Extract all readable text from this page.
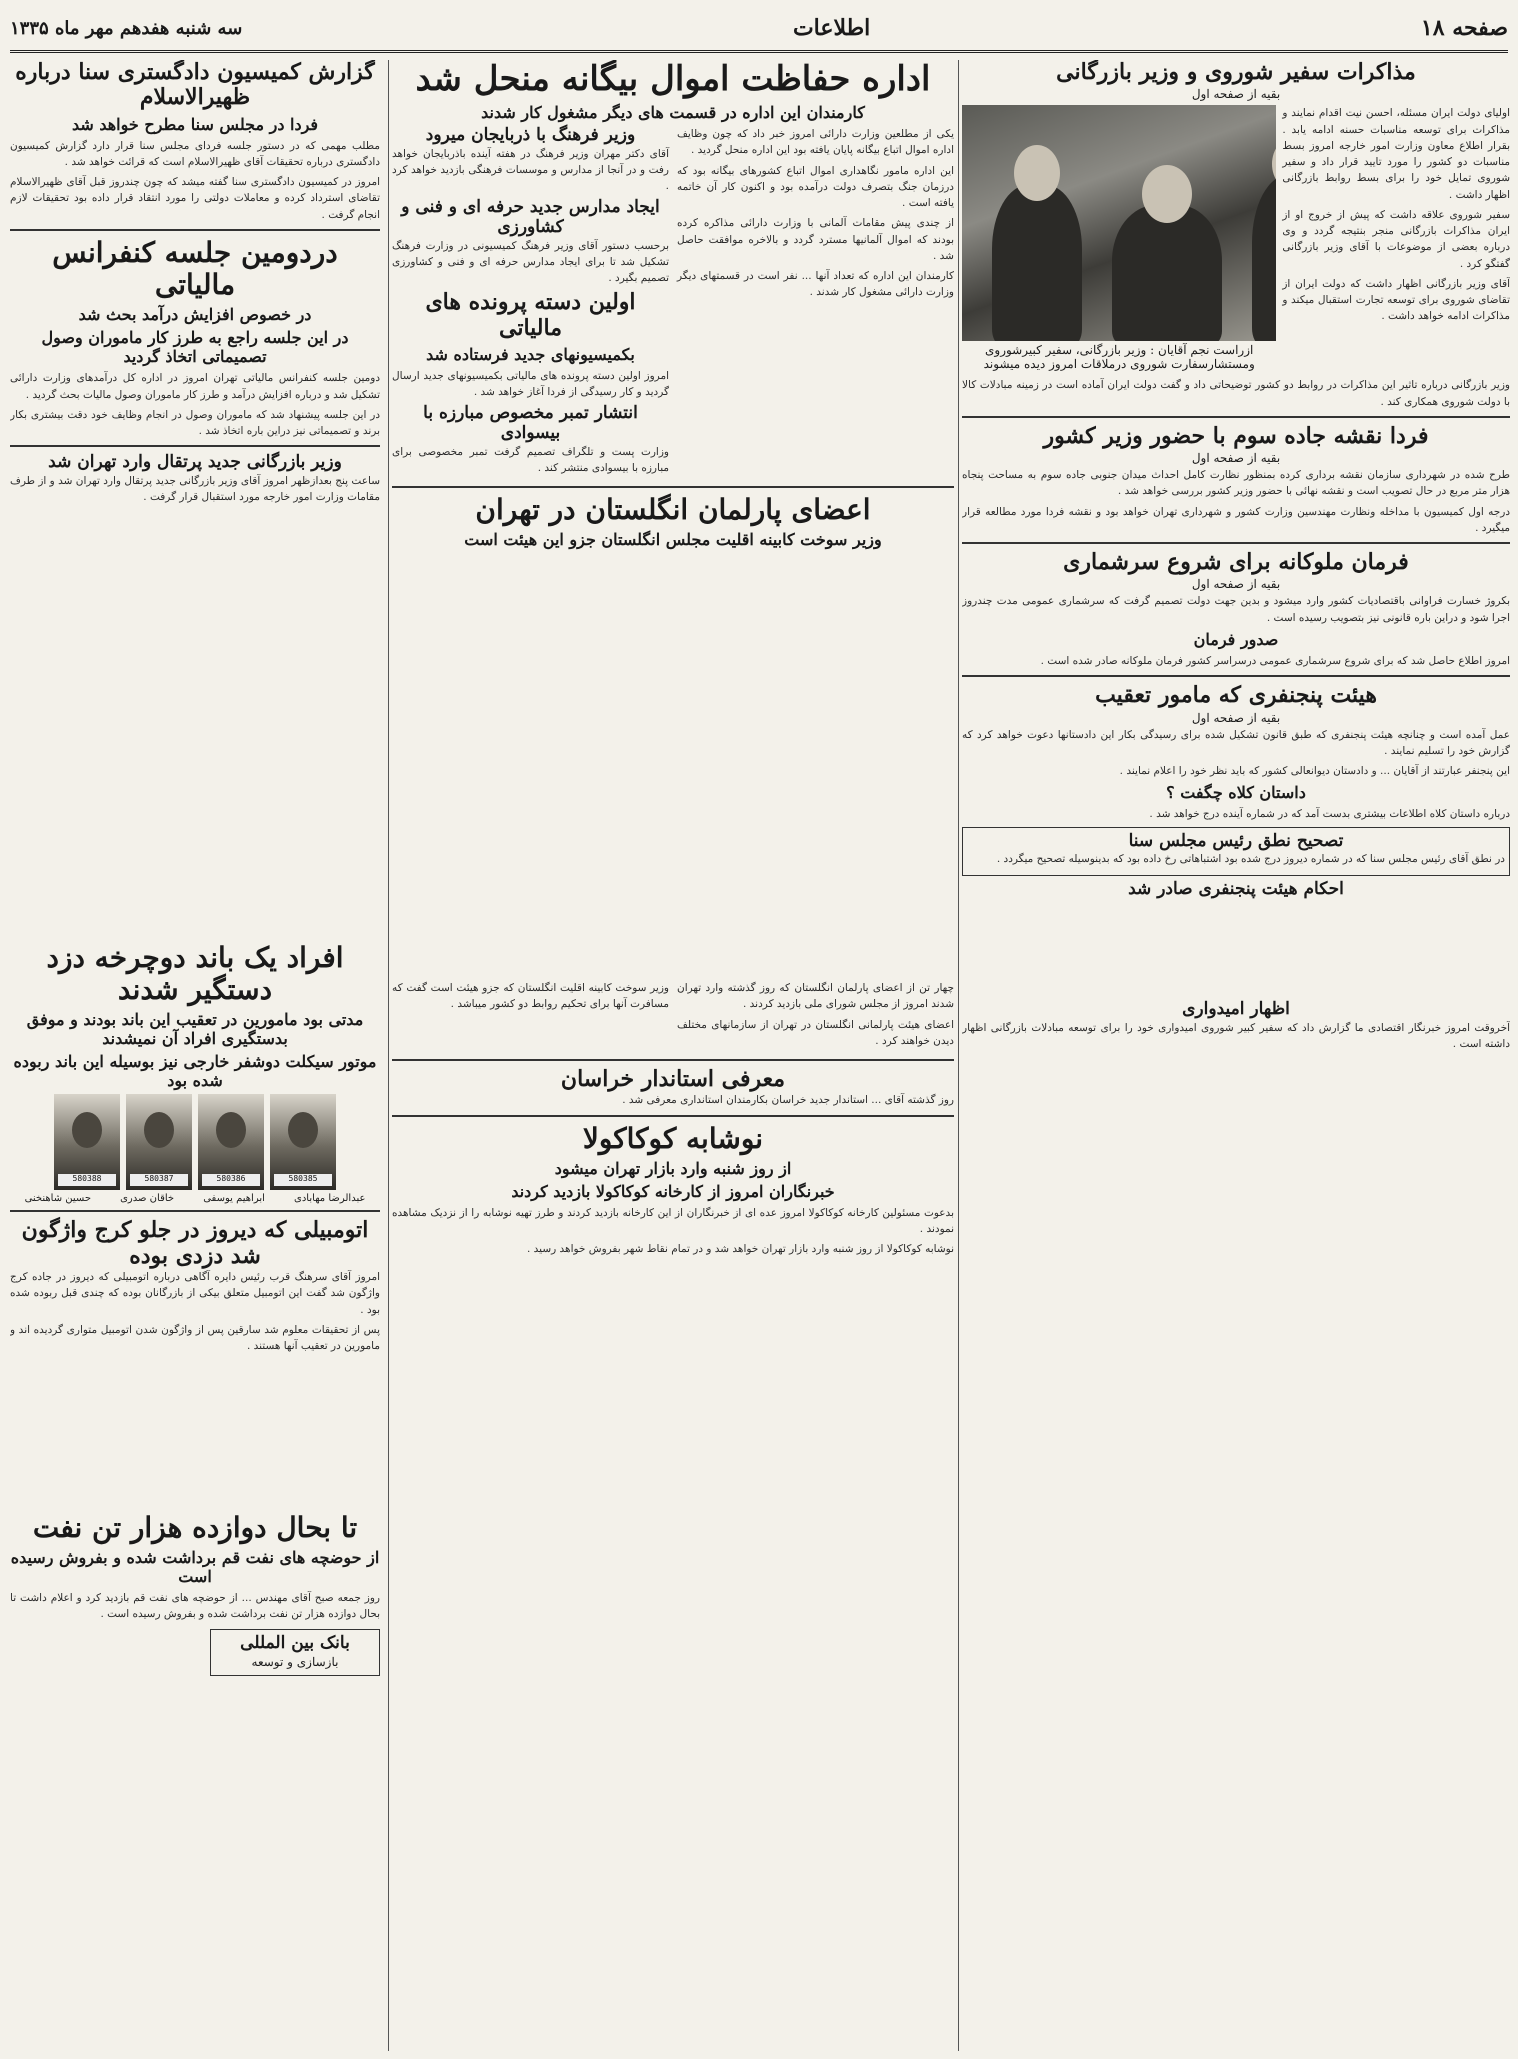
صفحه ۱۸
اطلاعات
سه شنبه هفدهم مهر ماه ۱۳۳۵
مذاکرات سفیر شوروی و وزیر بازرگانی
بقیه از صفحه اول

اولیای دولت ایران مسئله، احسن نیت اقدام نمایند و مذاکرات برای توسعه مناسبات حسنه ادامه یابد . بقرار اطلاع معاون وزارت امور خارجه امروز بسط مناسبات دو کشور را مورد تایید قرار داد و سفیر شوروی تمایل خود را برای بسط روابط بازرگانی اظهار داشت .

سفیر شوروی علاقه داشت که پیش از خروج او از ایران مذاکرات بازرگانی منجر بنتیجه گردد و وی درباره بعضی از موضوعات با آقای وزیر بازرگانی گفتگو کرد .

آقای وزیر بازرگانی اظهار داشت که دولت ایران از تقاضای شوروی برای توسعه تجارت استقبال میکند و مذاکرات ادامه خواهد داشت .

ازراست نجم آقایان : وزیر بازرگانی، سفیر کبیرشوروی ومستشارسفارت شوروی درملاقات امروز دیده میشوند

وزیر بازرگانی درباره تاثیر این مذاکرات در روابط دو کشور توضیحاتی داد و گفت دولت ایران آماده است در زمینه مبادلات کالا با دولت شوروی همکاری کند .

فردا نقشه جاده سوم با حضور وزیر کشور
بقیه از صفحه اول

طرح شده در شهرداری سازمان نقشه برداری کرده بمنظور نظارت کامل احداث میدان جنوبی جاده سوم به مساحت پنجاه هزار متر مربع در حال تصویب است و نقشه نهائی با حضور وزیر کشور بررسی خواهد شد .

درجه اول کمیسیون با مداخله ونظارت مهندسین وزارت کشور و شهرداری تهران خواهد بود و نقشه فردا مورد مطالعه قرار میگیرد .

فرمان ملوکانه برای شروع سرشماری
بقیه از صفحه اول

بکروژ خسارت فراوانی باقتصادیات کشور وارد میشود و بدین جهت دولت تصمیم گرفت که سرشماری عمومی مدت چندروز اجرا شود و دراین باره قانونی نیز بتصویب رسیده است .

صدور فرمان

امروز اطلاع حاصل شد که برای شروع سرشماری عمومی درسراسر کشور فرمان ملوکانه صادر شده است .

هیئت پنجنفری که مامور تعقیب
بقیه از صفحه اول

عمل آمده است و چنانچه هیئت پنجنفری که طبق قانون تشکیل شده برای رسیدگی بکار این دادستانها دعوت خواهد کرد که گزارش خود را تسلیم نمایند .

این پنجنفر عبارتند از آقایان ... و دادستان دیوانعالی کشور که باید نظر خود را اعلام نمایند .

داستان کلاه چگفت ؟

درباره داستان کلاه اطلاعات بیشتری بدست آمد که در شماره آینده درج خواهد شد .

تصحیح نطق رئیس مجلس سنا

در نطق آقای رئیس مجلس سنا که در شماره دیروز درج شده بود اشتباهاتی رخ داده بود که بدینوسیله تصحیح میگردد .

احکام هیئت پنجنفری صادر شد
اداره حفاظت اموال بیگانه منحل شد
کارمندان این اداره در قسمت های دیگر مشغول کار شدند

یکی از مطلعین وزارت دارائی امروز خبر داد که چون وظایف اداره اموال اتباع بیگانه پایان یافته بود این اداره منحل گردید .

این اداره مامور نگاهداری اموال اتباع کشورهای بیگانه بود که درزمان جنگ بتصرف دولت درآمده بود و اکنون کار آن خاتمه یافته است .

از چندی پیش مقامات آلمانی با وزارت دارائی مذاکره کرده بودند که اموال آلمانیها مسترد گردد و بالاخره موافقت حاصل شد .

کارمندان این اداره که تعداد آنها ... نفر است در قسمتهای دیگر وزارت دارائی مشغول کار شدند .

وزیر فرهنگ با ذربایجان میرود

آقای دکتر مهران وزیر فرهنگ در هفته آینده باذربایجان خواهد رفت و در آنجا از مدارس و موسسات فرهنگی بازدید خواهد کرد .

ایجاد مدارس جدید حرفه ای و فنی و کشاورزی

برحسب دستور آقای وزیر فرهنگ کمیسیونی در وزارت فرهنگ تشکیل شد تا برای ایجاد مدارس حرفه ای و فنی و کشاورزی تصمیم بگیرد .

اولین دسته پرونده های مالیاتی
بکمیسیونهای جدید فرستاده شد

امروز اولین دسته پرونده های مالیاتی بکمیسیونهای جدید ارسال گردید و کار رسیدگی از فردا آغاز خواهد شد .

انتشار تمبر مخصوص مبارزه با بیسوادی

وزارت پست و تلگراف تصمیم گرفت تمبر مخصوصی برای مبارزه با بیسوادی منتشر کند .

اعضای پارلمان انگلستان در تهران
وزیر سوخت کابینه اقلیت مجلس انگلستان جزو این هیئت است
افراد یک باند دوچرخه دزد دستگیر شدند
مدتی بود مامورین در تعقیب این باند بودند و موفق بدستگیری افراد آن نمیشدند
موتور سیکلت دوشفر خارجی نیز بوسیله این باند ربوده شده بود
580385
580386
580387
580388
عبدالرضا مهابادی
ابراهیم یوسفی
خاقان صدری
حسین شاهنخنی
اتومبیلی که دیروز در جلو کرج واژگون شد دزدی بوده

امروز آقای سرهنگ قرب رئیس دایره آگاهی درباره اتومبیلی که دیروز در جاده کرج واژگون شد گفت این اتومبیل متعلق بیکی از بازرگانان بوده که چندی قبل ربوده شده بود .

پس از تحقیقات معلوم شد سارقین پس از واژگون شدن اتومبیل متواری گردیده اند و مامورین در تعقیب آنها هستند .

تا بحال دوازده هزار تن نفت
از حوضچه های نفت قم برداشت شده و بفروش رسیده است

روز جمعه صبح آقای مهندس ... از حوضچه های نفت قم بازدید کرد و اعلام داشت تا بحال دوازده هزار تن نفت برداشت شده و بفروش رسیده است .

بانک بین المللی
بازسازی و توسعه
گزارش کمیسیون دادگستری سنا درباره ظهیرالاسلام
فردا در مجلس سنا مطرح خواهد شد

مطلب مهمی که در دستور جلسه فردای مجلس سنا قرار دارد گزارش کمیسیون دادگستری درباره تحقیقات آقای ظهیرالاسلام است که قرائت خواهد شد .

امروز در کمیسیون دادگستری سنا گفته میشد که چون چندروز قبل آقای ظهیرالاسلام تقاضای استرداد کرده و معاملات دولتی را مورد انتقاد قرار داده بود تحقیقات لازم انجام گرفت .

دردومین جلسه کنفرانس مالیاتی
در خصوص افزایش درآمد بحث شد
در این جلسه راجع به طرز کار ماموران وصول تصمیماتی اتخاذ گردید

دومین جلسه کنفرانس مالیاتی تهران امروز در اداره کل درآمدهای وزارت دارائی تشکیل شد و درباره افزایش درآمد و طرز کار ماموران وصول مالیات بحث گردید .

در این جلسه پیشنهاد شد که ماموران وصول در انجام وظایف خود دقت بیشتری بکار برند و تصمیماتی نیز دراین باره اتخاذ شد .

وزیر بازرگانی جدید پرتقال وارد تهران شد

ساعت پنج بعدازظهر امروز آقای وزیر بازرگانی جدید پرتقال وارد تهران شد و از طرف مقامات وزارت امور خارجه مورد استقبال قرار گرفت .

چهار تن از اعضای پارلمان انگلستان که روز گذشته وارد تهران شدند امروز از مجلس شورای ملی بازدید کردند .

اعضای هیئت پارلمانی انگلستان در تهران از سازمانهای مختلف دیدن خواهند کرد .

وزیر سوخت کابینه اقلیت انگلستان که جزو هیئت است گفت که مسافرت آنها برای تحکیم روابط دو کشور میباشد .

معرفی استاندار خراسان

روز گذشته آقای ... استاندار جدید خراسان بکارمندان استانداری معرفی شد .

نوشابه کوکاکولا
از روز شنبه وارد بازار تهران میشود
خبرنگاران امروز از کارخانه کوکاکولا بازدید کردند

بدعوت مسئولین کارخانه کوکاکولا امروز عده ای از خبرنگاران از این کارخانه بازدید کردند و طرز تهیه نوشابه را از نزدیک مشاهده نمودند .

نوشابه کوکاکولا از روز شنبه وارد بازار تهران خواهد شد و در تمام نقاط شهر بفروش خواهد رسید .

اظهار امیدواری

آخروقت امروز خبرنگار اقتصادی ما گزارش داد که سفیر کبیر شوروی امیدواری خود را برای توسعه مبادلات بازرگانی اظهار داشته است .
